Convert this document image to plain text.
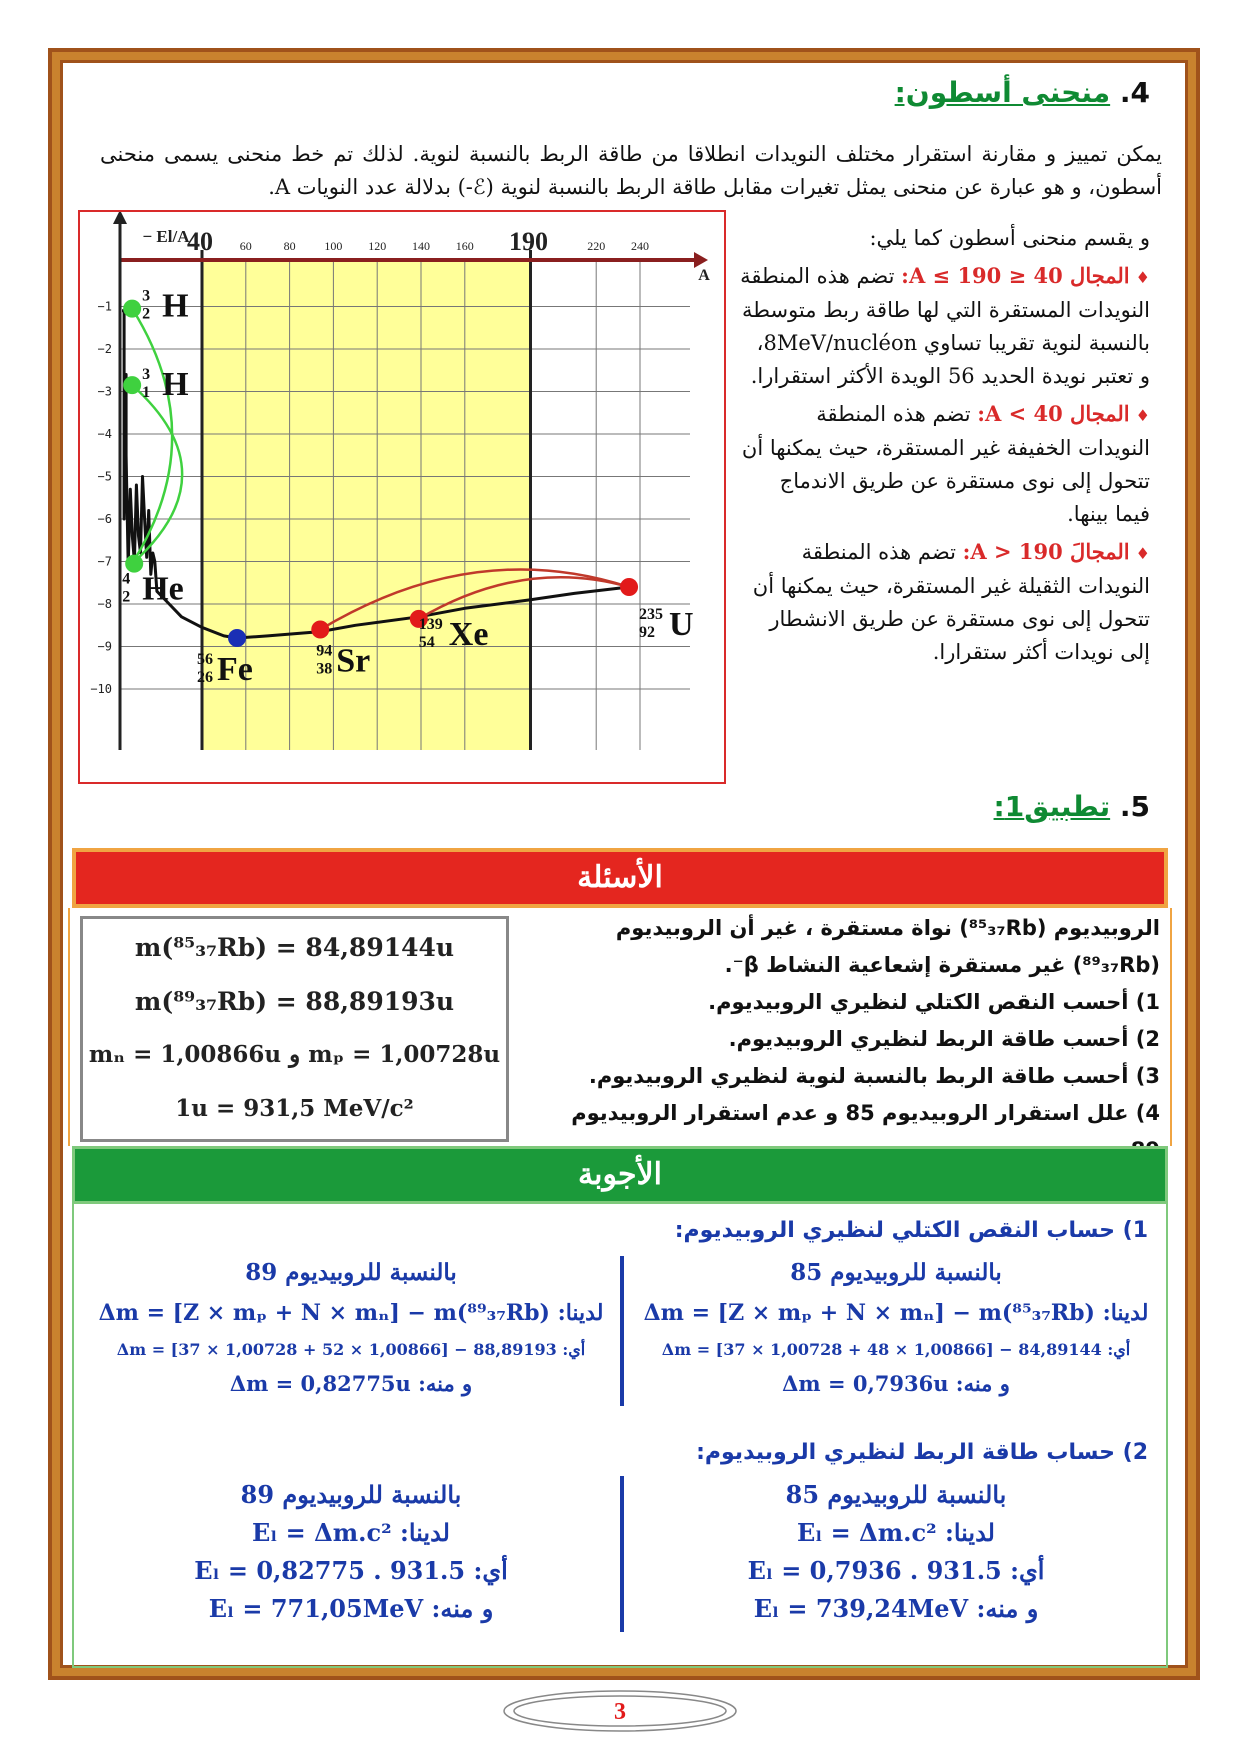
4. منحنى أسطون:
يمكن تمييز و مقارنة استقرار مختلف النويدات انطلاقا من طاقة الربط بالنسبة لنوية. لذلك تم خط منحنى يسمى منحنى أسطون، و هو عبارة عن منحنى يمثل تغيرات مقابل طاقة الربط بالنسبة لنوية (ℰ-) بدلالة عدد النويات A.
40 60	80 100 120 140 160 190	220 240
−1
−2
−3
−4
−5
−6
−7
−8
−9
−10
A
− El/A
3
2 H
3
1 H
4
2 He
56
26 Fe	94
38 Sr
139
54 Xe
235
92 U

و يقسم منحنى أسطون كما يلي:

♦المجال 40 ≤ A ≤ 190: تضم هذه المنطقة النويدات المستقرة التي لها طاقة ربط متوسطة بالنسبة لنوية تقريبا تساوي 8MeV/nucléon، و تعتبر نويدة الحديد 56 الويدة الأكثر استقرارا.

♦المجال A < 40: تضم هذه المنطقة النويدات الخفيفة غير المستقرة، حيث يمكنها أن تتحول إلى نوى مستقرة عن طريق الاندماج فيما بينها.

♦المجالَ A > 190: تضم هذه المنطقة النويدات الثقيلة غير المستقرة، حيث يمكنها أن تتحول إلى نوى مستقرة عن طريق الانشطار إلى نويدات أكثر ستقرارا.

5. تطبيق1:
الأسئلة
m(⁸⁵₃₇Rb) = 84,89144u
m(⁸⁹₃₇Rb) = 88,89193u
mₙ = 1,00866u و mₚ = 1,00728u
1u = 931,5 MeV/c²

الروبيديوم (⁸⁵₃₇Rb) نواة مستقرة ، غير أن الروبيديوم

(⁸⁹₃₇Rb) غير مستقرة إشعاعية النشاط β⁻.

1) أحسب النقص الكتلي لنظيري الروبيديوم.

2) أحسب طاقة الربط لنظيري الروبيديوم.

3) أحسب طاقة الربط بالنسبة لنوية لنظيري الروبيديوم.

4) علل استقرار الروبيديوم 85 و عدم استقرار الروبيديوم

الأجوبة
1) حساب النقص الكتلي لنظيري الروبيديوم:
بالنسبة للروبيديوم 85
لدينا: Δm = [Z × mₚ + N × mₙ] − m(⁸⁵₃₇Rb)
أي: Δm = [37 × 1,00728 + 48 × 1,00866] − 84,89144
و منه: Δm = 0,7936u
بالنسبة للروبيديوم 89
لدينا: Δm = [Z × mₚ + N × mₙ] − m(⁸⁹₃₇Rb)
أي: Δm = [37 × 1,00728 + 52 × 1,00866] − 88,89193
و منه: Δm = 0,82775u
2) حساب طاقة الربط لنظيري الروبيديوم:
بالنسبة للروبيديوم 85
لدينا: Eₗ = Δm.c²
أي: Eₗ = 0,7936 . 931.5
و منه: Eₗ = 739,24MeV
بالنسبة للروبيديوم 89
لدينا: Eₗ = Δm.c²
أي: Eₗ = 0,82775 . 931.5
و منه: Eₗ = 771,05MeV
3
